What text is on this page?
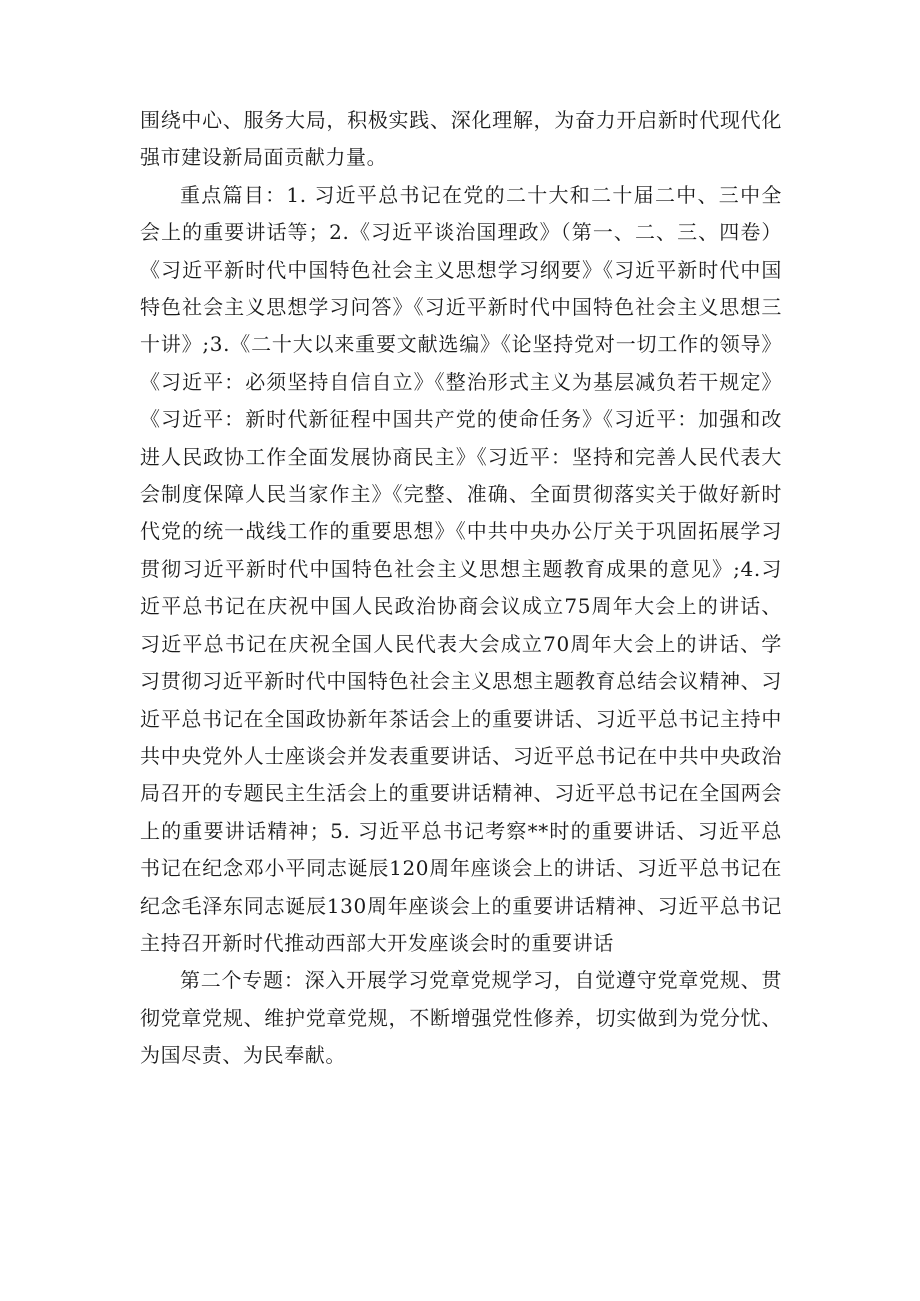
围绕中心、服务大局，积极实践、深化理解，为奋力开启新时代现代化强市建设新局面贡献力量。

重点篇目：1. 习近平总书记在党的二十大和二十届二中、三中全会上的重要讲话等；2.《习近平谈治国理政》（第一、二、三、四卷）《习近平新时代中国特色社会主义思想学习纲要》《习近平新时代中国特色社会主义思想学习问答》《习近平新时代中国特色社会主义思想三十讲》;3.《二十大以来重要文献选编》《论坚持党对一切工作的领导》《习近平：必须坚持自信自立》《整治形式主义为基层减负若干规定》《习近平：新时代新征程中国共产党的使命任务》《习近平：加强和改进人民政协工作全面发展协商民主》《习近平：坚持和完善人民代表大会制度保障人民当家作主》《完整、准确、全面贯彻落实关于做好新时代党的统一战线工作的重要思想》《中共中央办公厅关于巩固拓展学习贯彻习近平新时代中国特色社会主义思想主题教育成果的意见》;4.习近平总书记在庆祝中国人民政治协商会议成立75周年大会上的讲话、习近平总书记在庆祝全国人民代表大会成立70周年大会上的讲话、学习贯彻习近平新时代中国特色社会主义思想主题教育总结会议精神、习近平总书记在全国政协新年茶话会上的重要讲话、习近平总书记主持中共中央党外人士座谈会并发表重要讲话、习近平总书记在中共中央政治局召开的专题民主生活会上的重要讲话精神、习近平总书记在全国两会上的重要讲话精神；5. 习近平总书记考察**时的重要讲话、习近平总书记在纪念邓小平同志诞辰120周年座谈会上的讲话、习近平总书记在纪念毛泽东同志诞辰130周年座谈会上的重要讲话精神、习近平总书记主持召开新时代推动西部大开发座谈会时的重要讲话

第二个专题：深入开展学习党章党规学习，自觉遵守党章党规、贯彻党章党规、维护党章党规，不断增强党性修养，切实做到为党分忧、为国尽责、为民奉献。
